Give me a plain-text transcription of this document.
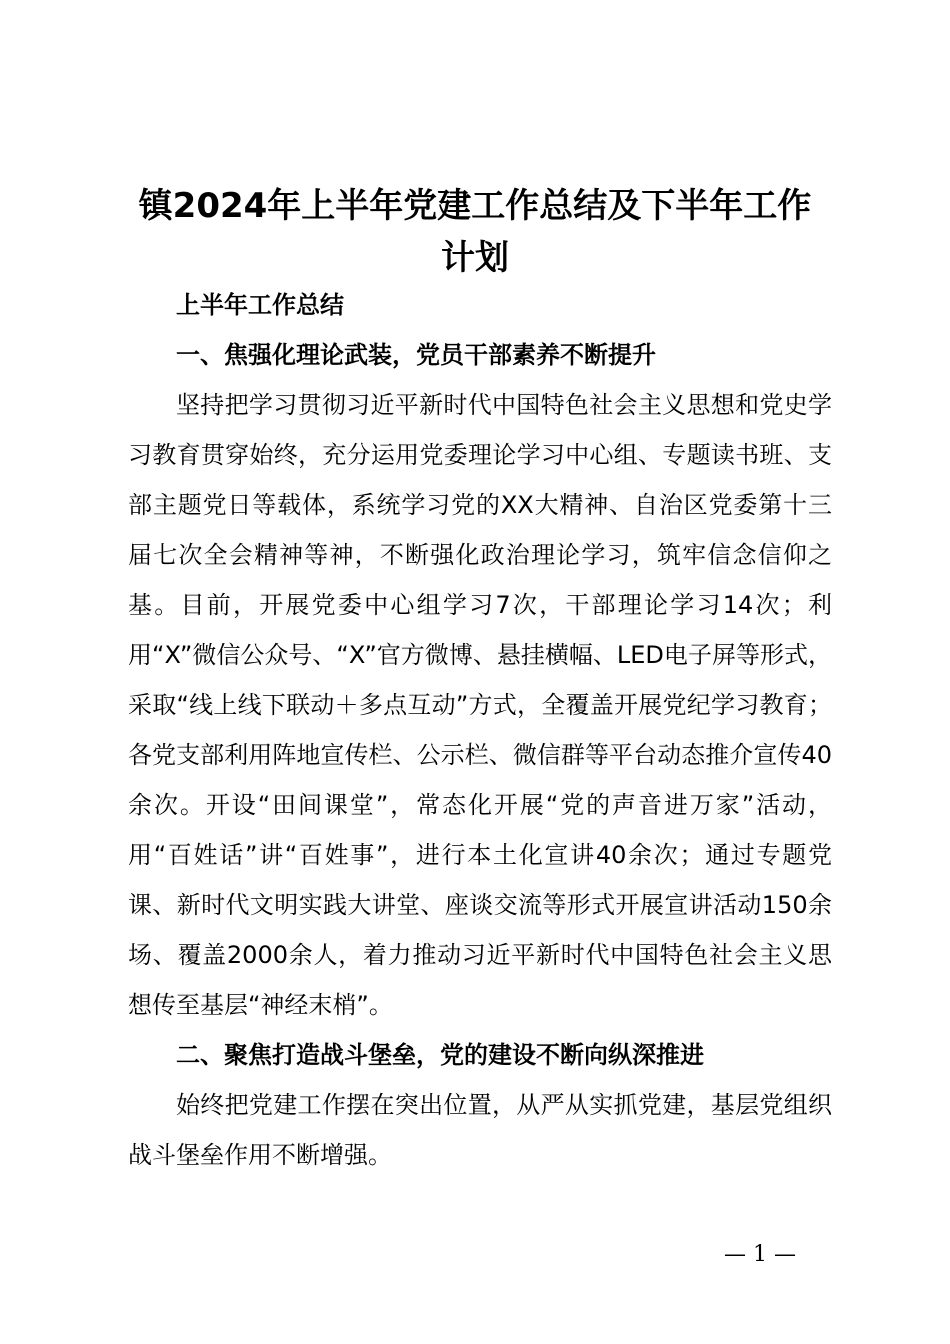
镇2024年上半年党建工作总结及下半年工作计划

上半年工作总结

一、焦强化理论武装，党员干部素养不断提升

坚持把学习贯彻习近平新时代中国特色社会主义思想和党史学习教育贯穿始终，充分运用党委理论学习中心组、专题读书班、支部主题党日等载体，系统学习党的XX大精神、自治区党委第十三届七次全会精神等神，不断强化政治理论学习，筑牢信念信仰之基。目前，开展党委中心组学习7次，干部理论学习14次；利用“X”微信公众号、“X”官方微博、悬挂横幅、LED电子屏等形式，采取“线上线下联动＋多点互动”方式，全覆盖开展党纪学习教育；各党支部利用阵地宣传栏、公示栏、微信群等平台动态推介宣传40余次。开设“田间课堂”，常态化开展“党的声音进万家”活动，用“百姓话”讲“百姓事”，进行本土化宣讲40余次；通过专题党课、新时代文明实践大讲堂、座谈交流等形式开展宣讲活动150余场、覆盖2000余人，着力推动习近平新时代中国特色社会主义思想传至基层“神经末梢”。

二、聚焦打造战斗堡垒，党的建设不断向纵深推进

始终把党建工作摆在突出位置，从严从实抓党建，基层党组织战斗堡垒作用不断增强。

— 1 —
